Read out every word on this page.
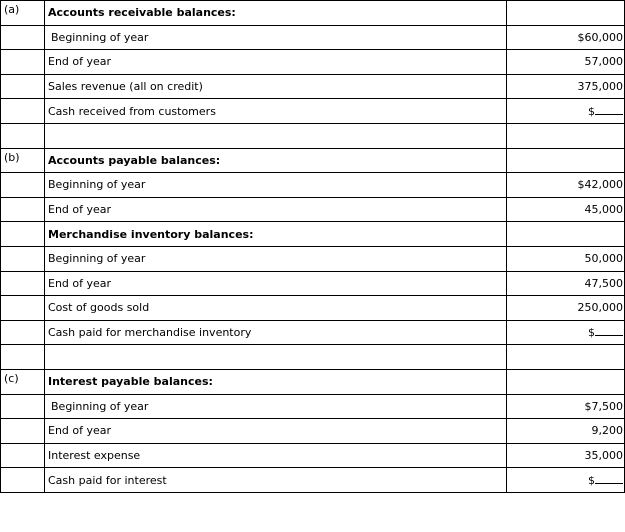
(a)	Accounts receivable balances:	
	Beginning of year	$60,000
	End of year	57,000
	Sales revenue (all on credit)	375,000
	Cash received from customers	$

(b)	Accounts payable balances:	
	Beginning of year	$42,000
	End of year	45,000
	Merchandise inventory balances:	
	Beginning of year	50,000
	End of year	47,500
	Cost of goods sold	250,000
	Cash paid for merchandise inventory	$

(c)	Interest payable balances:	
	Beginning of year	$7,500
	End of year	9,200
	Interest expense	35,000
	Cash paid for interest	$
